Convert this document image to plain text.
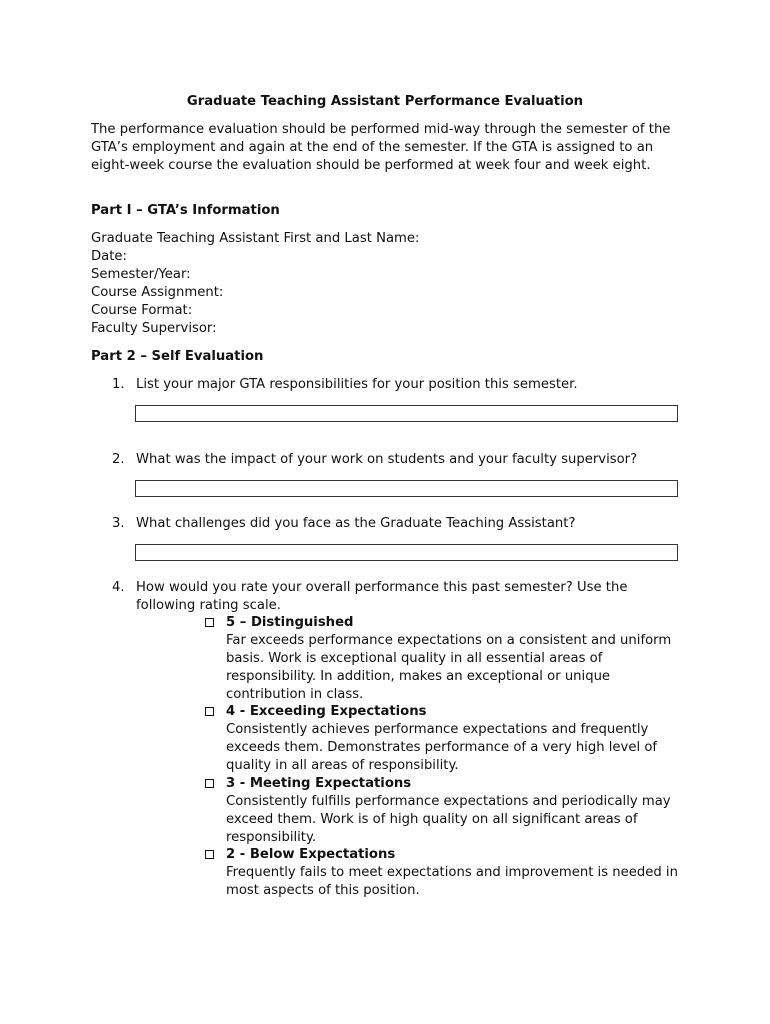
Graduate Teaching Assistant Performance Evaluation
The performance evaluation should be performed mid-way through the semester of the GTA’s employment and again at the end of the semester. If the GTA is assigned to an eight-week course the evaluation should be performed at week four and week eight.
Part I – GTA’s Information
Graduate Teaching Assistant First and Last Name:
Date:
Semester/Year:
Course Assignment:
Course Format:
Faculty Supervisor:
Part 2 – Self Evaluation
1. List your major GTA responsibilities for your position this semester.
2. What was the impact of your work on students and your faculty supervisor?
3. What challenges did you face as the Graduate Teaching Assistant?
4. How would you rate your overall performance this past semester? Use the following rating scale.
5 – Distinguished
Far exceeds performance expectations on a consistent and uniform basis. Work is exceptional quality in all essential areas of responsibility. In addition, makes an exceptional or unique contribution in class.
4 - Exceeding Expectations
Consistently achieves performance expectations and frequently exceeds them. Demonstrates performance of a very high level of quality in all areas of responsibility.
3 - Meeting Expectations
Consistently fulfills performance expectations and periodically may exceed them. Work is of high quality on all significant areas of responsibility.
2 - Below Expectations
Frequently fails to meet expectations and improvement is needed in most aspects of this position.
